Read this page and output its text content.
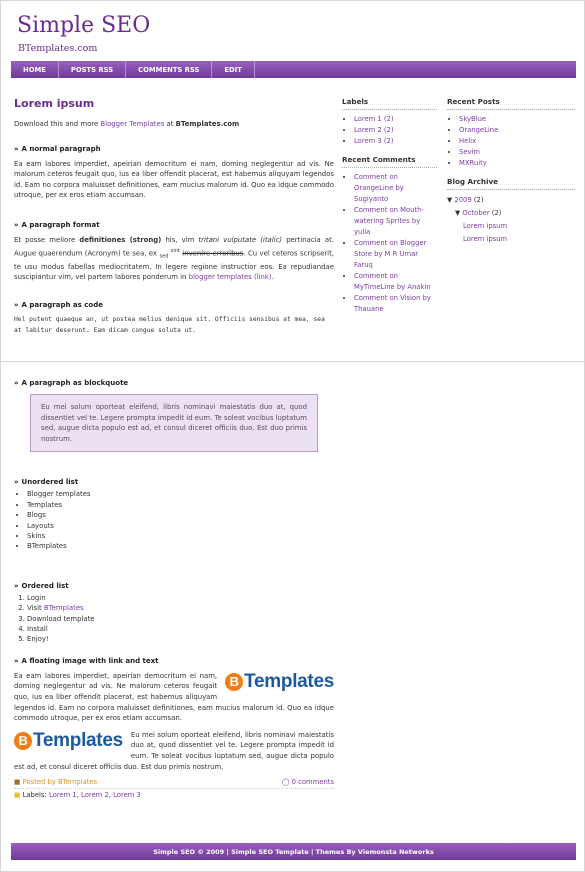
Simple SEO
BTemplates.com
HOME	POSTS RSS	COMMENTS RSS	EDIT
Lorem ipsum
Download this and more Blogger Templates at BTemplates.com
» A normal paragraph
Ea eam labores imperdiet, apeirian democritum ei nam, doming neglegentur ad vis. Ne malorum ceteros feugait quo, ius ea liber offendit placerat, est habemus aliquyam legendos id. Eam no corpora maluisset definitiones, eam mucius malorum id. Quo ea idque commodo utroque, per ex eros etiam accumsan.
» A paragraph format
Et posse meliore definitiones (strong) his, vim tritani vulputate (italic) pertinacia at. Augue quaerendum (Acronym) te sea, ex $_{sed}$ $^{sint}$ invenire erroribus. Cu vel ceteros scripserit, te usu modus fabellas mediocritatem. In legere regione instructior eos. Ea repudiandae suscipiantur vim, vel partem labores ponderum in blogger templates (link).
» A paragraph as code
Hel putent quaeque an, ut postea melius denique sit. Officiis sensibus at mea, sea at labitur deserunt. Eam dicam congue soluta ut.
» A paragraph as blockquote
Eu mei solum oporteat eleifend, libris nominavi maiestatis duo at, quod dissentiet vel te. Legere prompta impedit id eum. Te soleat vocibus luptatum sed, augue dicta populo est ad, et consul diceret officiis duo. Est duo primis nostrum.
» Unordered list
• Blogger templates
• Templates
• Blogs
• Layouts
• Skins
• BTemplates
» Ordered list
1. Login
2. Visit BTemplates
3. Download template
4. Install
5. Enjoy!
» A floating image with link and text
B Templates
Ea eam labores imperdiet, apeirian democritum ei nam, doming neglegentur ad vis. Ne malorum ceteros feugait quo, ius ea liber offendit placerat, est habemus aliquyam legendos id. Eam no corpora maluisset definitiones, eam mucius malorum id. Quo ea idque commodo utroque, per ex eros etiam accumsan.
B Templates	Eu mei solum oporteat eleifend, libris nominavi maiestatis duo at, quod dissentiet vel te. Legere prompta impedit id eum. Te soleat vocibus luptatum sed, augue dicta populo est ad, et consul diceret officiis duo. Est duo primis nostrum.
■ Posted by BTemplates	◯ 0 comments
■ Labels: Lorem 1, Lorem 2, Lorem 3
Labels
• Lorem 1 (2)
• Lorem 2 (2)
• Lorem 3 (2)
Recent Comments
• Comment on OrangeLine by Sugiyanto
• Comment on Mouth-watering Sprites by yulia
• Comment on Blogger Store by M R Umar Faruq
• Comment on MyTimeLine by Anakin
• Comment on Vision by Thauane
Recent Posts
• SkyBlue
• OrangeLine
• Helix
• Sevim
• MXRuity
Blog Archive
▼ 2009 (2)
▼ October (2)
Lorem ipsum
Lorem ipsum
Simple SEO © 2009 | Simple SEO Template | Themes By Viemonsta Networks
